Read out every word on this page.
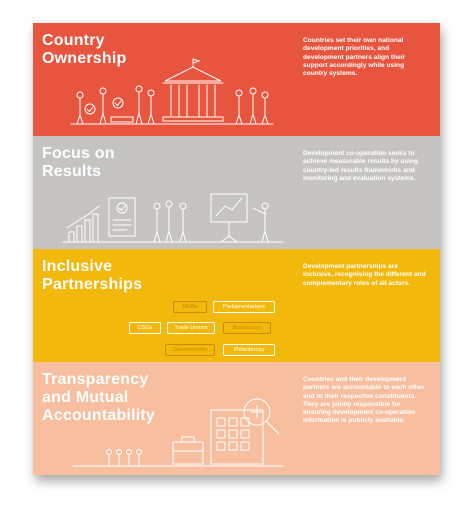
Country
Ownership
Countries set their own national development priorities, and development partners align their support accordingly while using country systems.
Focus on
Results
Development co-operation seeks to achieve measurable results by using country-led results frameworks and monitoring and evaluation systems.
Inclusive
Partnerships
MDBs	Parliamentarians
CSOs	Trade Unions	Businesses
Governments	Philanthropy
Development partnerships are inclusive, recognising the different and complementary roles of all actors.
Transparency
and Mutual
Accountability
Countries and their development partners are accountable to each other and to their respective constituents. They are jointly responsible for ensuring development co-operation information is publicly available.
